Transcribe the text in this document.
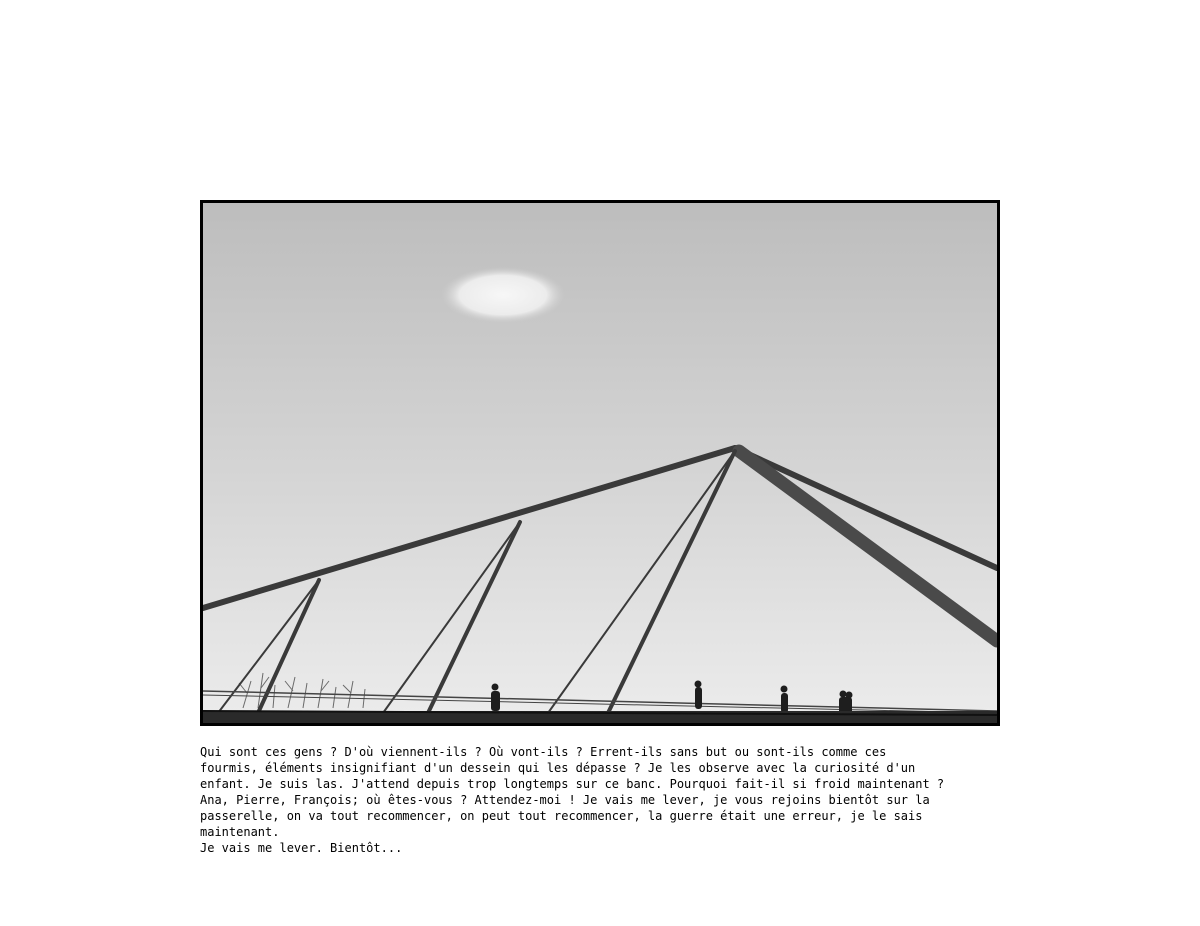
Qui sont ces gens ? D'où viennent-ils ? Où vont-ils ? Errent-ils sans but ou sont-ils comme ces
fourmis, éléments insignifiant d'un dessein qui les dépasse ? Je les observe avec la curiosité d'un
enfant. Je suis las. J'attend depuis trop longtemps sur ce banc. Pourquoi fait-il si froid maintenant ?
Ana, Pierre, François; où êtes-vous ? Attendez-moi ! Je vais me lever, je vous rejoins bientôt sur la
passerelle, on va tout recommencer, on peut tout recommencer, la guerre était une erreur, je le sais
maintenant.
Je vais me lever. Bientôt...
